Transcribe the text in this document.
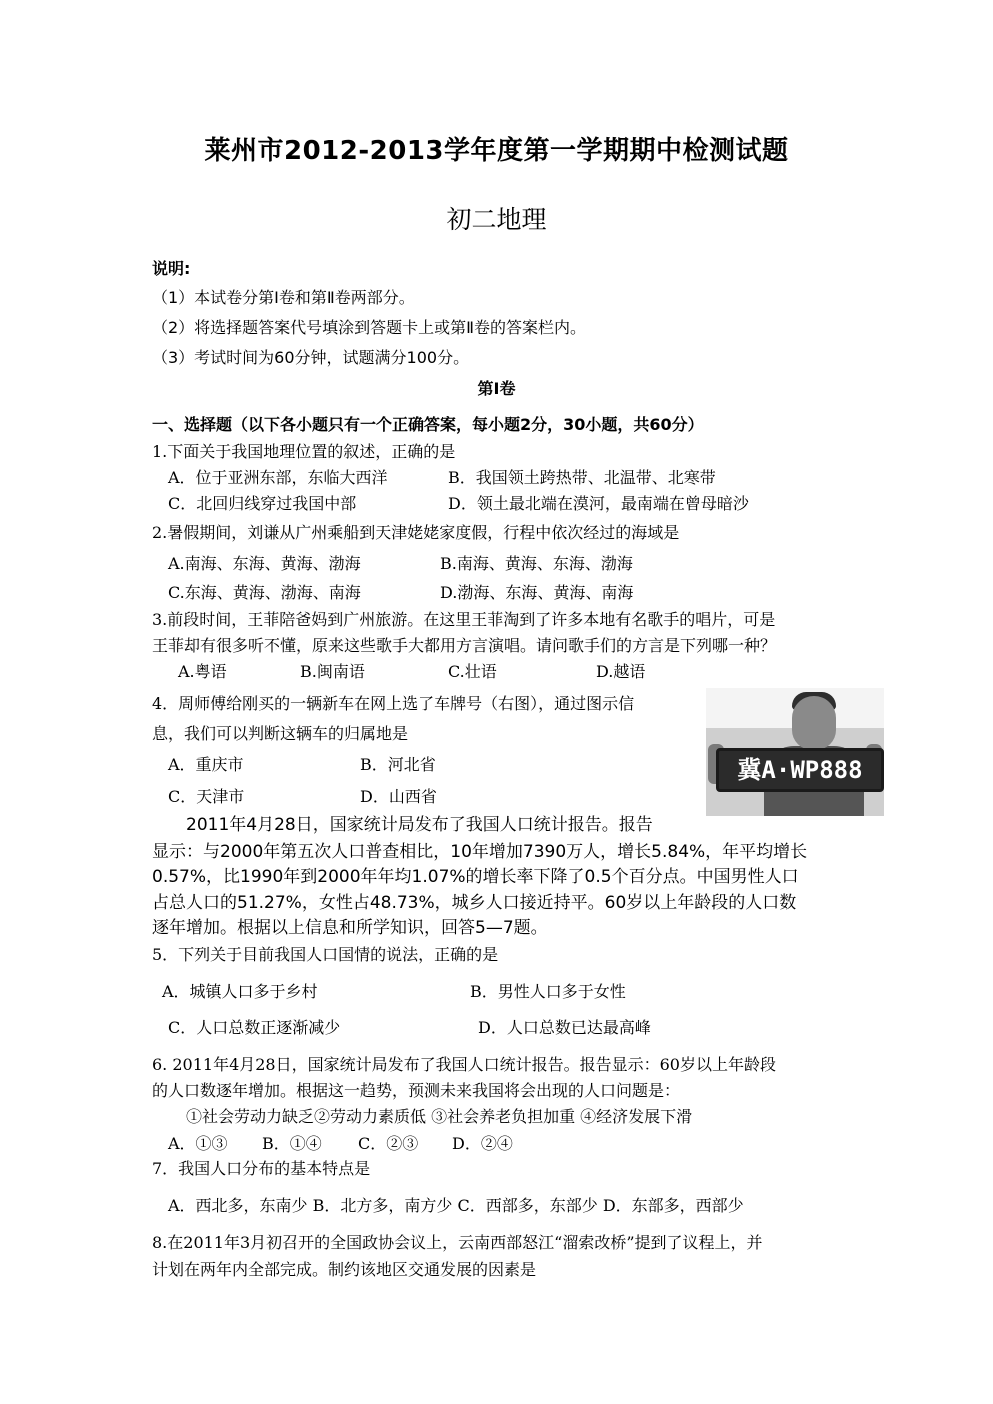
莱州市2012-2013学年度第一学期期中检测试题
初二地理
说明:
（1）本试卷分第Ⅰ卷和第Ⅱ卷两部分。
（2）将选择题答案代号填涂到答题卡上或第Ⅱ卷的答案栏内。
（3）考试时间为60分钟，试题满分100分。
第Ⅰ卷
一、选择题（以下各小题只有一个正确答案，每小题2分，30小题，共60分）
1.下面关于我国地理位置的叙述，正确的是
A．位于亚洲东部，东临大西洋	B．我国领土跨热带、北温带、北寒带
C．北回归线穿过我国中部	D．领土最北端在漠河，最南端在曾母暗沙
2.暑假期间，刘谦从广州乘船到天津姥姥家度假，行程中依次经过的海域是
A.南海、东海、黄海、渤海	B.南海、黄海、东海、渤海
C.东海、黄海、渤海、南海	D.渤海、东海、黄海、南海
3.前段时间，王菲陪爸妈到广州旅游。在这里王菲淘到了许多本地有名歌手的唱片，可是
王菲却有很多听不懂，原来这些歌手大都用方言演唱。请问歌手们的方言是下列哪一种？
A.粤语	B.闽南语	C.壮语	D.越语
4．周师傅给刚买的一辆新车在网上选了车牌号（右图），通过图示信
息，我们可以判断这辆车的归属地是
A．重庆市	B．河北省
C．天津市	D．山西省
冀A·WP888
2011年4月28日，国家统计局发布了我国人口统计报告。报告
显示：与2000年第五次人口普查相比，10年增加7390万人，增长5.84%，年平均增长
0.57%，比1990年到2000年年均1.07%的增长率下降了0.5个百分点。中国男性人口
占总人口的51.27%，女性占48.73%，城乡人口接近持平。60岁以上年龄段的人口数
逐年增加。根据以上信息和所学知识，回答5—7题。
5．下列关于目前我国人口国情的说法，正确的是
A．城镇人口多于乡村	B．男性人口多于女性
C．人口总数正逐渐减少	D．人口总数已达最高峰
6. 2011年4月28日，国家统计局发布了我国人口统计报告。报告显示：60岁以上年龄段
的人口数逐年增加。根据这一趋势，预测未来我国将会出现的人口问题是：
①社会劳动力缺乏②劳动力素质低 ③社会养老负担加重 ④经济发展下滑
A．①③ B．①④ C．②③ D．②④
7．我国人口分布的基本特点是
A．西北多，东南少 B．北方多，南方少 C．西部多，东部少 D．东部多，西部少
8.在2011年3月初召开的全国政协会议上，云南西部怒江“溜索改桥”提到了议程上，并
计划在两年内全部完成。制约该地区交通发展的因素是
